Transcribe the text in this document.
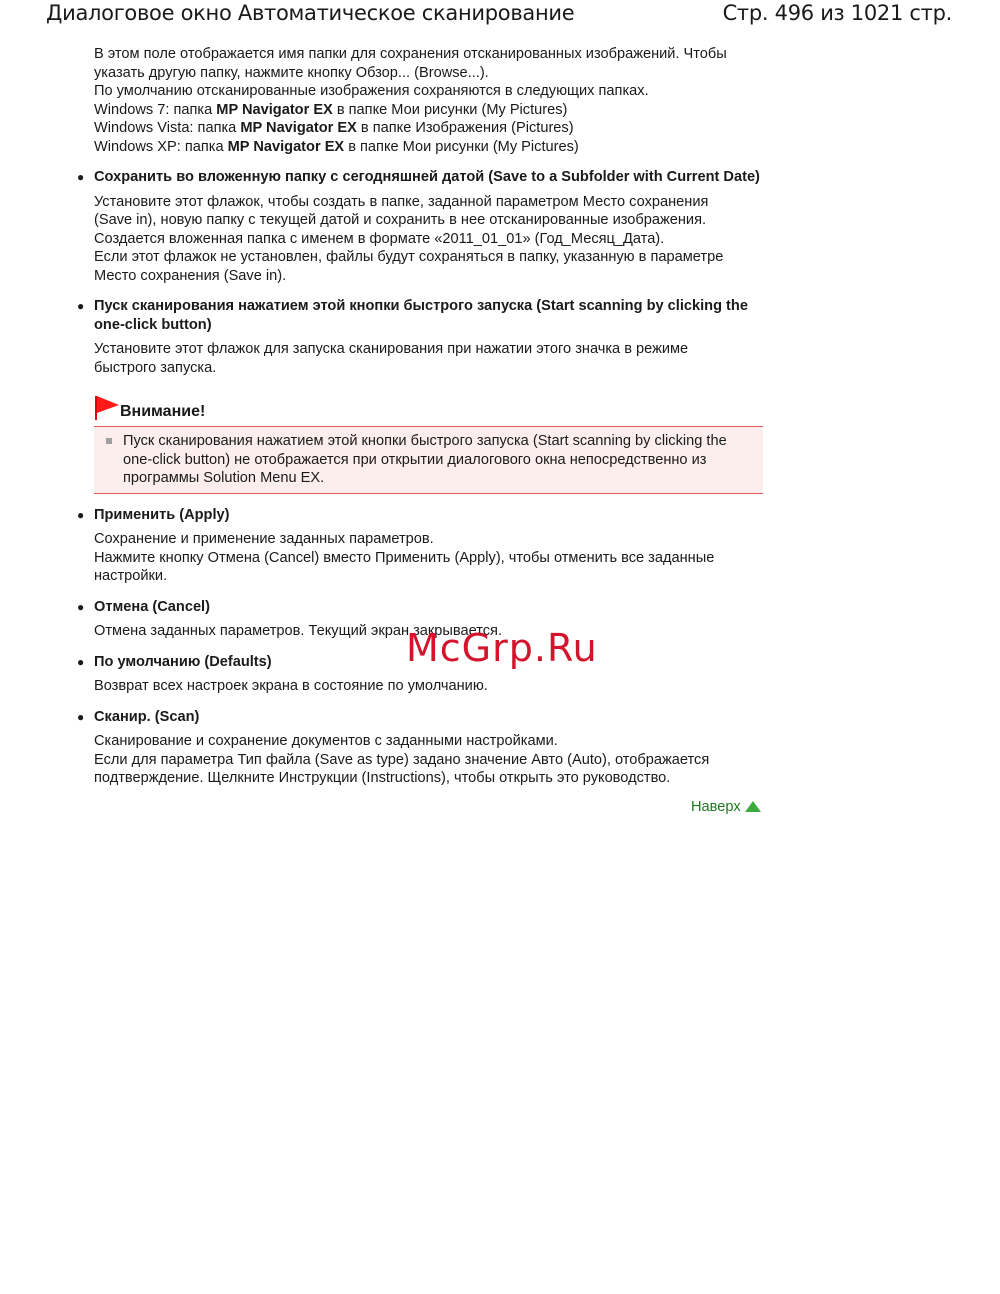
Диалоговое окно Автоматическое сканирование	Стр. 496 из 1021 стр.
В этом поле отображается имя папки для сохранения отсканированных изображений. Чтобы
указать другую папку, нажмите кнопку Обзор... (Browse...).
По умолчанию отсканированные изображения сохраняются в следующих папках.
Windows 7: папка MP Navigator EX в папке Мои рисунки (My Pictures)
Windows Vista: папка MP Navigator EX в папке Изображения (Pictures)
Windows XP: папка MP Navigator EX в папке Мои рисунки (My Pictures)
● Сохранить во вложенную папку с сегодняшней датой (Save to a Subfolder with Current Date)
Установите этот флажок, чтобы создать в папке, заданной параметром Место сохранения
(Save in), новую папку с текущей датой и сохранить в нее отсканированные изображения.
Создается вложенная папка с именем в формате «2011_01_01» (Год_Месяц_Дата).
Если этот флажок не установлен, файлы будут сохраняться в папку, указанную в параметре
Место сохранения (Save in).
● Пуск сканирования нажатием этой кнопки быстрого запуска (Start scanning by clicking the
one-click button)
Установите этот флажок для запуска сканирования при нажатии этого значка в режиме
быстрого запуска.
Внимание!
Пуск сканирования нажатием этой кнопки быстрого запуска (Start scanning by clicking the
one-click button) не отображается при открытии диалогового окна непосредственно из
программы Solution Menu EX.
● Применить (Apply)
Сохранение и применение заданных параметров.
Нажмите кнопку Отмена (Cancel) вместо Применить (Apply), чтобы отменить все заданные
настройки.
● Отмена (Cancel)
Отмена заданных параметров. Текущий экран закрывается.
● По умолчанию (Defaults)
Возврат всех настроек экрана в состояние по умолчанию.
● Сканир. (Scan)
Сканирование и сохранение документов с заданными настройками.
Если для параметра Тип файла (Save as type) задано значение Авто (Auto), отображается
подтверждение. Щелкните Инструкции (Instructions), чтобы открыть это руководство.
Наверх
McGrp.Ru
